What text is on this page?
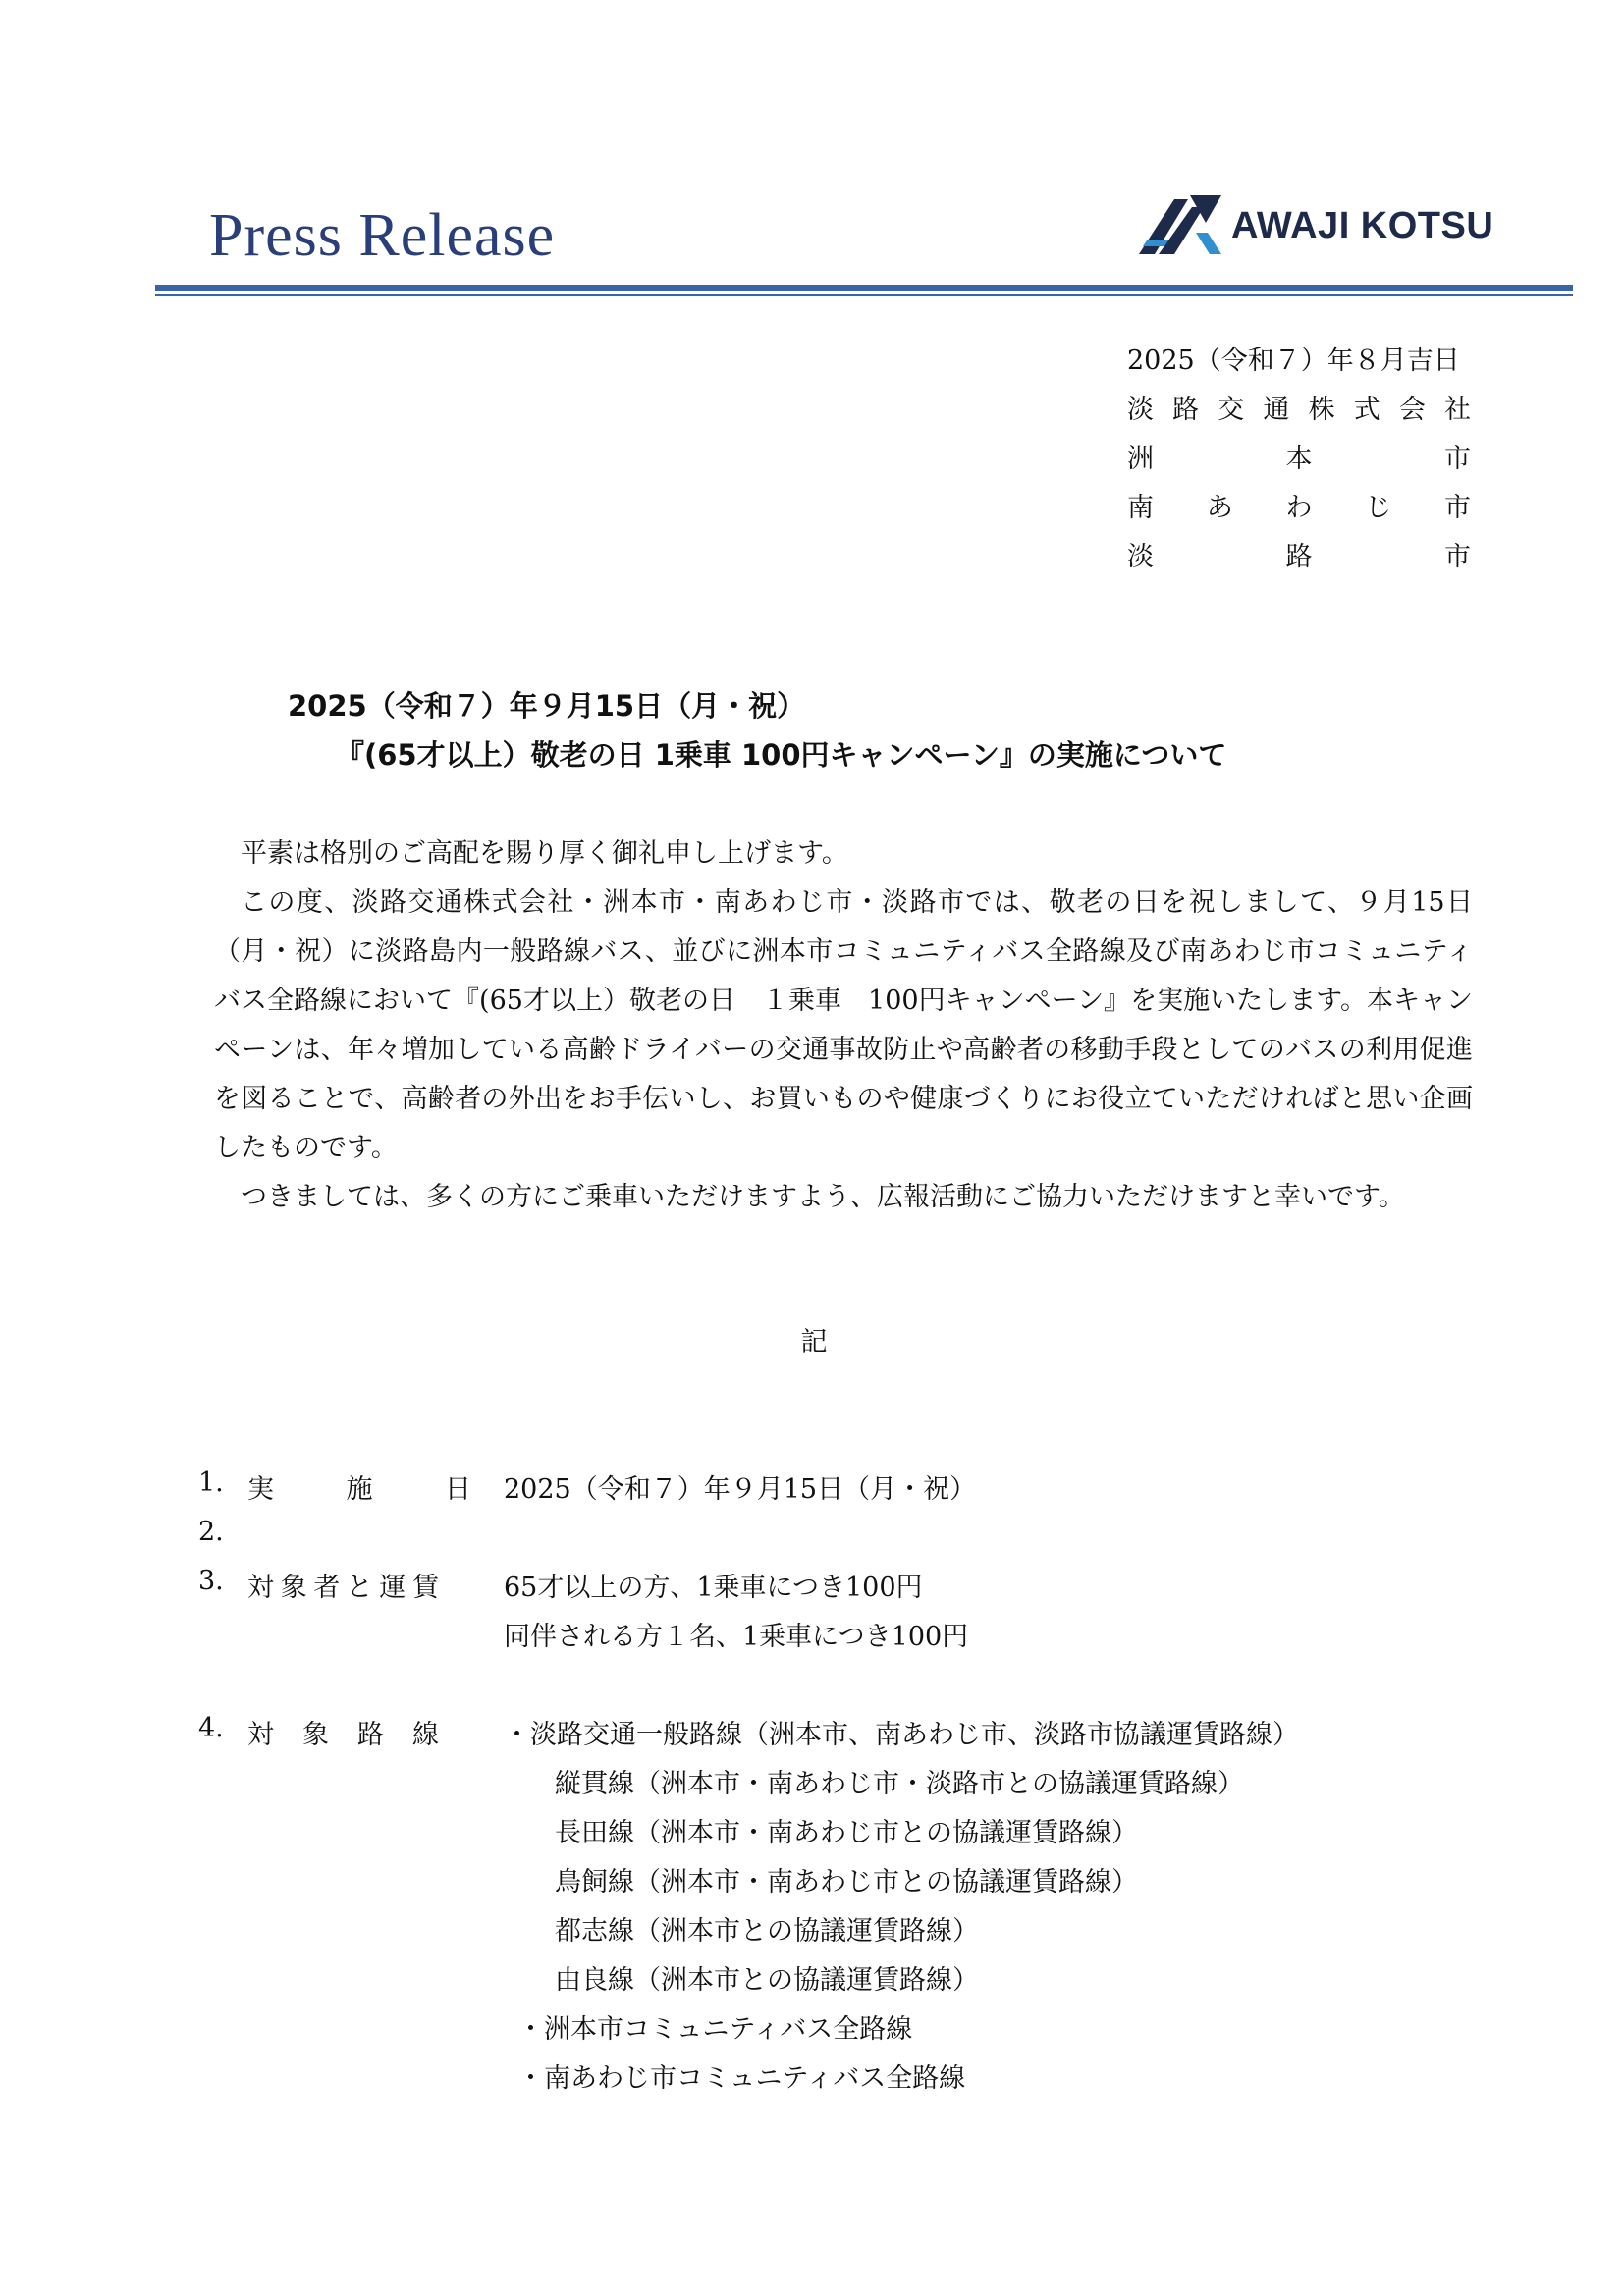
Press Release	AWAJI KOTSU
2025（令和７）年８月吉日
淡路交通株式会社
洲本市
南あわじ市
淡路市
2025（令和７）年９月15日（月・祝）
『(65才以上）敬老の日 1乗車 100円キャンペーン』の実施について

平素は格別のご高配を賜り厚く御礼申し上げます。

この度、淡路交通株式会社・洲本市・南あわじ市・淡路市では、敬老の日を祝しまして、９月15日（月・祝）に淡路島内一般路線バス、並びに洲本市コミュニティバス全路線及び南あわじ市コミュニティバス全路線において『(65才以上）敬老の日　１乗車　100円キャンペーン』を実施いたします。本キャンペーンは、年々増加している高齢ドライバーの交通事故防止や高齢者の移動手段としてのバスの利用促進を図ることで、高齢者の外出をお手伝いし、お買いものや健康づくりにお役立ていただければと思い企画したものです。

つきましては、多くの方にご乗車いただけますよう、広報活動にご協力いただけますと幸いです。

記
1. 実施日 2025（令和７）年９月15日（月・祝）
2.
3. 対象者と運賃 65才以上の方、1乗車につき100円
同伴される方１名、1乗車につき100円
4. 対象路線 ・淡路交通一般路線（洲本市、南あわじ市、淡路市協議運賃路線）
縦貫線（洲本市・南あわじ市・淡路市との協議運賃路線）
長田線（洲本市・南あわじ市との協議運賃路線）
鳥飼線（洲本市・南あわじ市との協議運賃路線）
都志線（洲本市との協議運賃路線）
由良線（洲本市との協議運賃路線）
・洲本市コミュニティバス全路線
・南あわじ市コミュニティバス全路線
